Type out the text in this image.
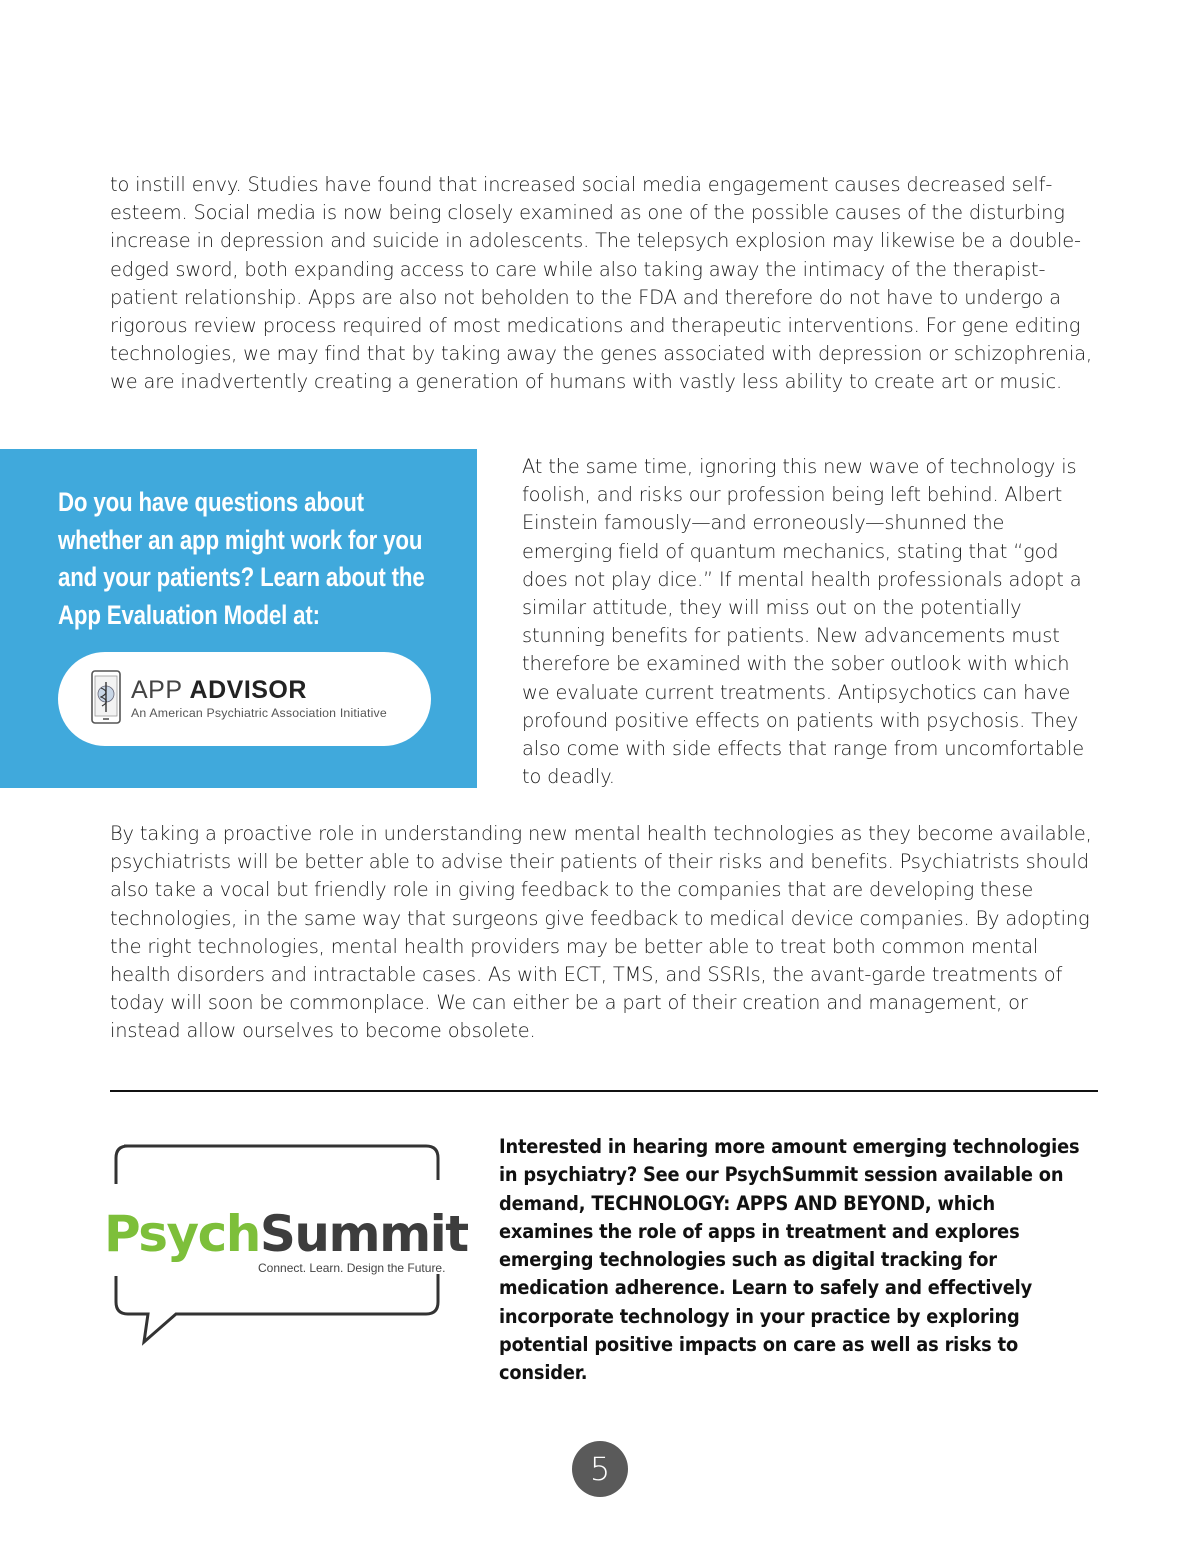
to instill envy. Studies have found that increased social media engagement causes decreased self-esteem. Social media is now being closely examined as one of the possible causes of the disturbing increase in depression and suicide in adolescents. The telepsych explosion may likewise be a double-edged sword, both expanding access to care while also taking away the intimacy of the therapist-patient relationship. Apps are also not beholden to the FDA and therefore do not have to undergo a rigorous review process required of most medications and therapeutic interventions. For gene editing technologies, we may find that by taking away the genes associated with depression or schizophrenia, we are inadvertently creating a generation of humans with vastly less ability to create art or music.

Do you have questions about whether an app might work for you and your patients? Learn about the App Evaluation Model at:
APP ADVISOR
An American Psychiatric Association Initiative

At the same time, ignoring this new wave of technology is foolish, and risks our profession being left behind. Albert Einstein famously—and erroneously—shunned the emerging field of quantum mechanics, stating that “god does not play dice.” If mental health professionals adopt a similar attitude, they will miss out on the potentially stunning benefits for patients. New advancements must therefore be examined with the sober outlook with which we evaluate current treatments. Antipsychotics can have profound positive effects on patients with psychosis. They also come with side effects that range from uncomfortable to deadly.

By taking a proactive role in understanding new mental health technologies as they become available, psychiatrists will be better able to advise their patients of their risks and benefits. Psychiatrists should also take a vocal but friendly role in giving feedback to the companies that are developing these technologies, in the same way that surgeons give feedback to medical device companies. By adopting the right technologies, mental health providers may be better able to treat both common mental health disorders and intractable cases. As with ECT, TMS, and SSRIs, the avant-garde treatments of today will soon be commonplace. We can either be a part of their creation and management, or instead allow ourselves to become obsolete.

PsychSummit
Connect. Learn. Design the Future.
Interested in hearing more amount emerging technologies in psychiatry? See our PsychSummit session available on demand, TECHNOLOGY: APPS AND BEYOND, which examines the role of apps in treatment and explores emerging technologies such as digital tracking for medication adherence. Learn to safely and effectively incorporate technology in your practice by exploring potential positive impacts on care as well as risks to consider.
5
